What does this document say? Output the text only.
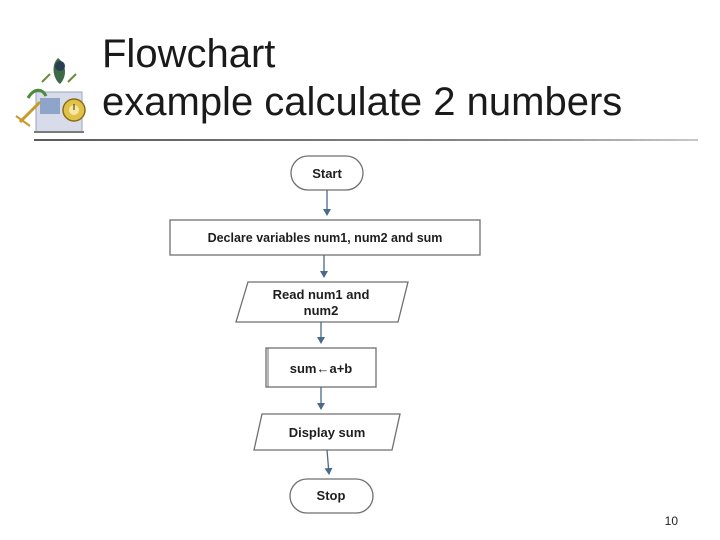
Flowchart
example calculate 2 numbers
Start
Declare variables num1, num2 and sum
Read num1 and
num2
sum←a+b
Display sum
Stop
10
